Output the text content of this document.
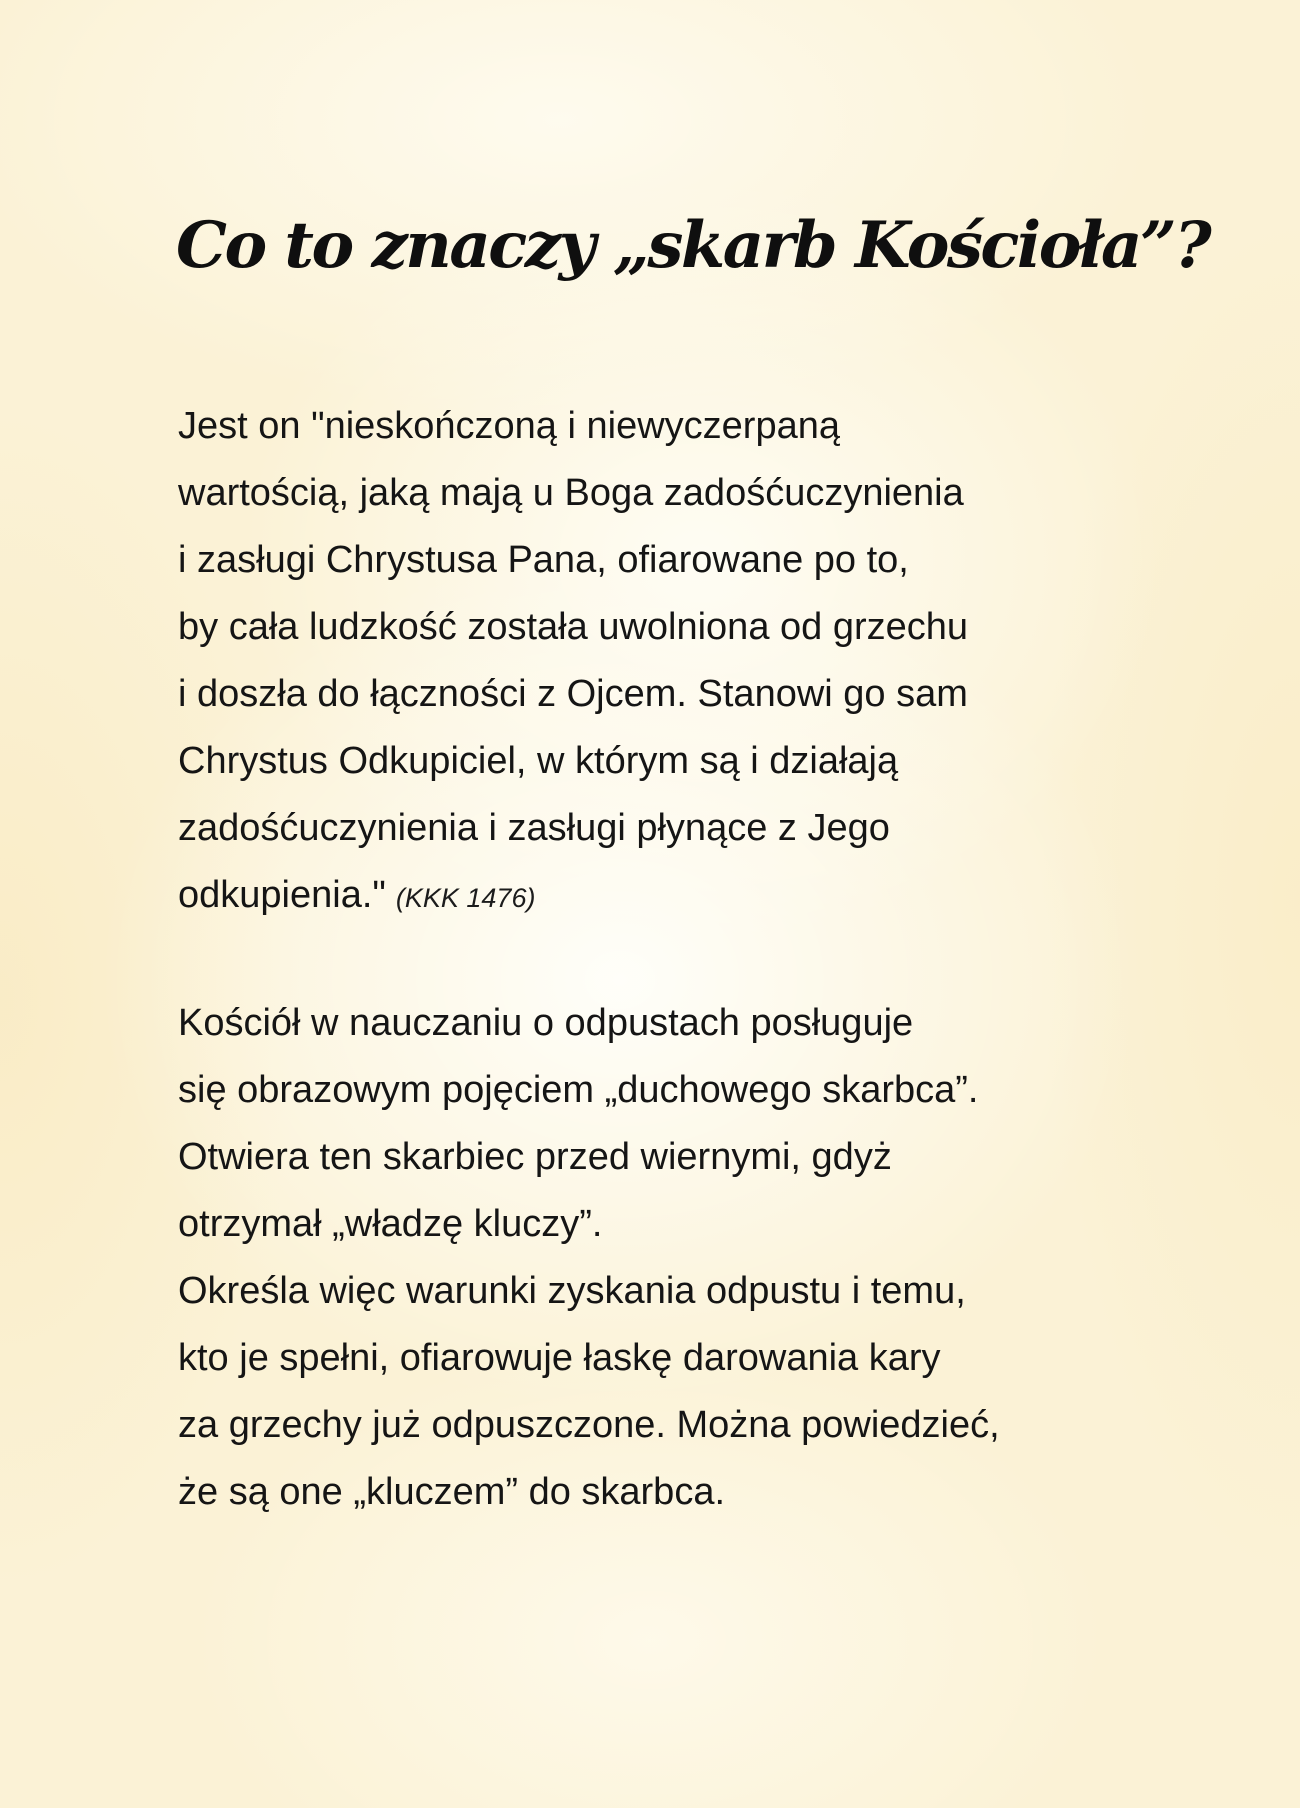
Co to znaczy „skarb Kościoła”?

Jest on "nieskończoną i niewyczerpaną
wartością, jaką mają u Boga zadośćuczynienia
i zasługi Chrystusa Pana, ofiarowane po to,
by cała ludzkość została uwolniona od grzechu
i doszła do łączności z Ojcem. Stanowi go sam
Chrystus Odkupiciel, w którym są i działają
zadośćuczynienia i zasługi płynące z Jego
odkupienia." (KKK 1476)

Kościół w nauczaniu o odpustach posługuje
się obrazowym pojęciem „duchowego skarbca”.
Otwiera ten skarbiec przed wiernymi, gdyż
otrzymał „władzę kluczy”.
Określa więc warunki zyskania odpustu i temu,
kto je spełni, ofiarowuje łaskę darowania kary
za grzechy już odpuszczone. Można powiedzieć,
że są one „kluczem” do skarbca.
